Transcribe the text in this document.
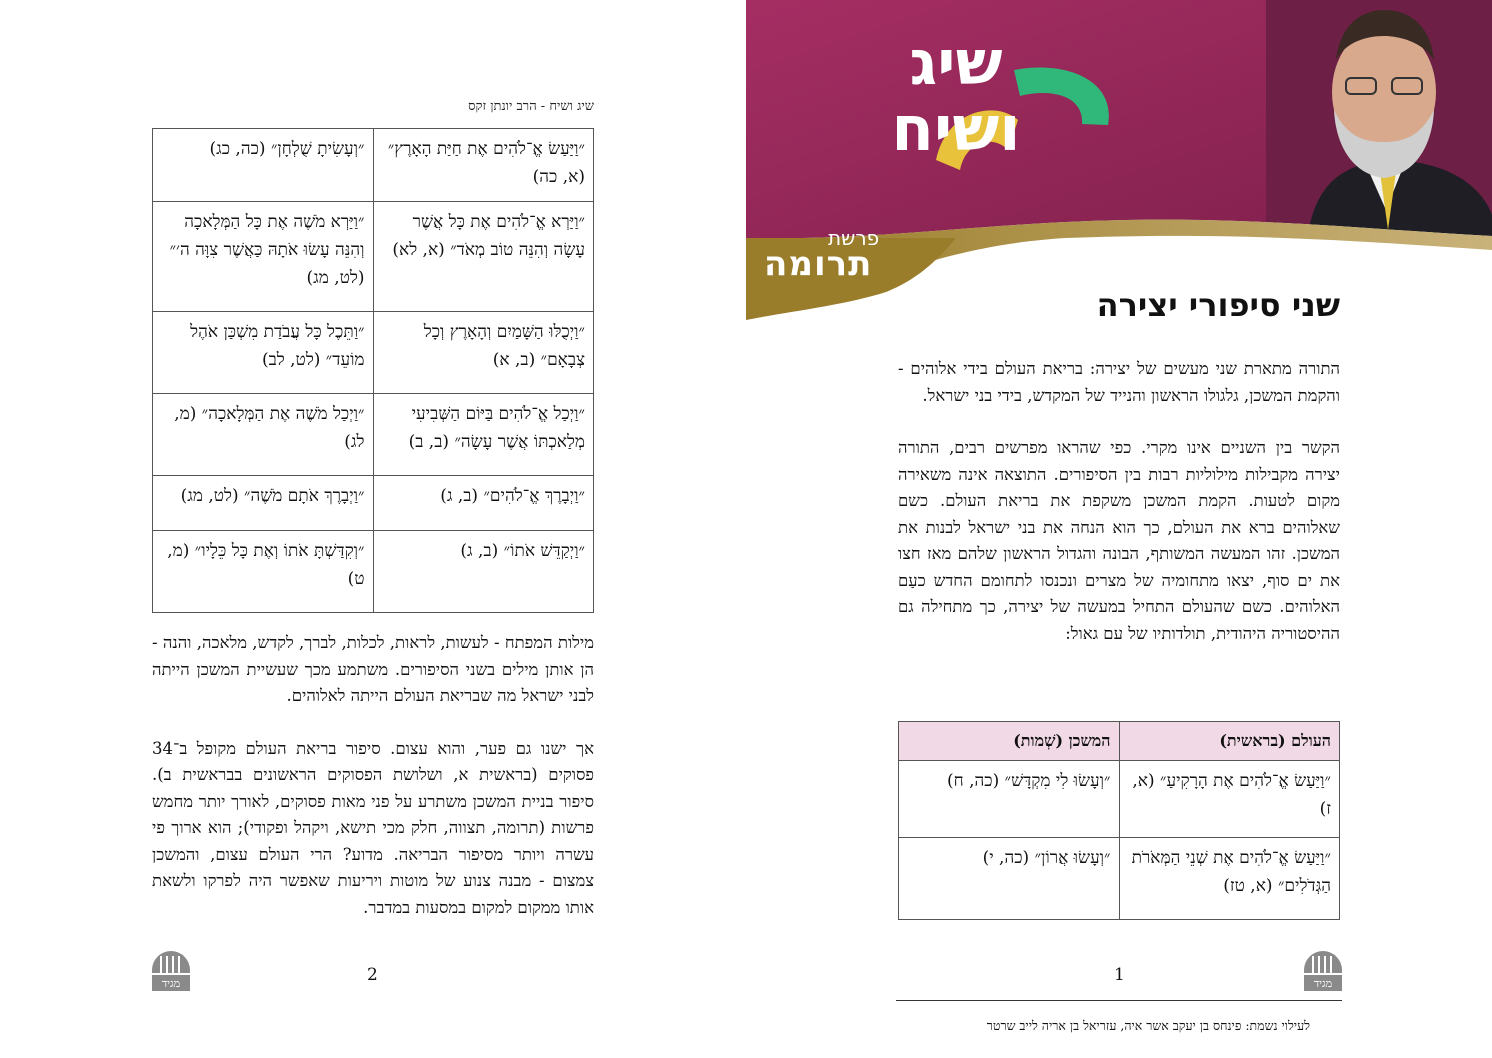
שיג ושיח - הרב יונתן זקס
״וַיַּעַשׂ אֱ־לֹהִים אֶת חַיַּת הָאָרֶץ״ (א, כה)	״וְעָשִׂיתָ שֻׁלְחָן״ (כה, כג)
״וַיַּרְא אֱ־לֹהִים אֶת כָּל אֲשֶׁר עָשָׂה וְהִנֵּה טוֹב מְאֹד״ (א, לא)	״וַיַּרְא מֹשֶׁה אֶת כָּל הַמְּלָאכָה וְהִנֵּה עָשׂוּ אֹתָהּ כַּאֲשֶׁר צִוָּה ה׳״ (לט, מג)
״וַיְכֻלּוּ הַשָּׁמַיִם וְהָאָרֶץ וְכָל צְבָאָם״ (ב, א)	״וַתֵּכֶל כָּל עֲבֹדַת מִשְׁכַּן אֹהֶל מוֹעֵד״ (לט, לב)
״וַיְכַל אֱ־לֹהִים בַּיּוֹם הַשְּׁבִיעִי מְלַאכְתּוֹ אֲשֶׁר עָשָׂה״ (ב, ב)	״וַיְכַל מֹשֶׁה אֶת הַמְּלָאכָה״ (מ, לג)
״וַיְבָרֶךְ אֱ־לֹהִים״ (ב, ג)	״וַיְבָרֶךְ אֹתָם מֹשֶׁה״ (לט, מג)
״וַיְקַדֵּשׁ אֹתוֹ״ (ב, ג)	״וְקִדַּשְׁתָּ אֹתוֹ וְאֶת כָּל כֵּלָיו״ (מ, ט)

מילות המפתח - לעשות, לראות, לכלות, לברך, לקדש, מלאכה, והנה - הן אותן מילים בשני הסיפורים. משתמע מכך שעשיית המשכן הייתה לבני ישראל מה שבריאת העולם הייתה לאלוהים.

אך ישנו גם פער, והוא עצום. סיפור בריאת העולם מקופל ב־34 פסוקים (בראשית א, ושלושת הפסוקים הראשונים בבראשית ב). סיפור בניית המשכן משתרע על פני מאות פסוקים, לאורך יותר מחמש פרשות (תרומה, תצווה, חלק מכי תישא, ויקהל ופקודי); הוא ארוך פי עשרה ויותר מסיפור הבריאה. מדוע? הרי העולם עצום, והמשכן צמצום - מבנה צנוע של מוטות ויריעות שאפשר היה לפרקו ולשאת אותו ממקום למקום במסעות במדבר.

מגיד	2
שיג
ושיח
פרשת
תרומה
שני סיפורי יצירה

התורה מתארת שני מעשים של יצירה: בריאת העולם בידי אלוהים - והקמת המשכן, גלגולו הראשון והנייד של המקדש, בידי בני ישראל.

הקשר בין השניים אינו מקרי. כפי שהראו מפרשים רבים, התורה יצירה מקבילות מילוליות רבות בין הסיפורים. התוצאה אינה משאירה מקום לטעות. הקמת המשכן משקפת את בריאת העולם. כשם שאלוהים ברא את העולם, כך הוא הנחה את בני ישראל לבנות את המשכן. זהו המעשה המשותף, הבונה והגדול הראשון שלהם מאז חצו את ים סוף, יצאו מתחומיה של מצרים ונכנסו לתחומם החדש כעַם האלוהים. כשם שהעולם התחיל במעשה של יצירה, כך מתחילה גם ההיסטוריה היהודית, תולדותיו של עם גאול:

העולם (בראשית)	המשכן (שְׁמות)
״וַיַּעַשׂ אֱ־לֹהִים אֶת הָרָקִיעַ״ (א, ז)	״וְעָשׂוּ לִי מִקְדָּשׁ״ (כה, ח)
״וַיַּעַשׂ אֱ־לֹהִים אֶת שְׁנֵי הַמְּאֹרֹת הַגְּדֹלִים״ (א, טז)	״וְעָשׂוּ אֲרוֹן״ (כה, י)
1	מגיד
לעילוי נשמת: פינחס בן יעקב אשר איה, עזריאל בן אריה לייב שרטר
